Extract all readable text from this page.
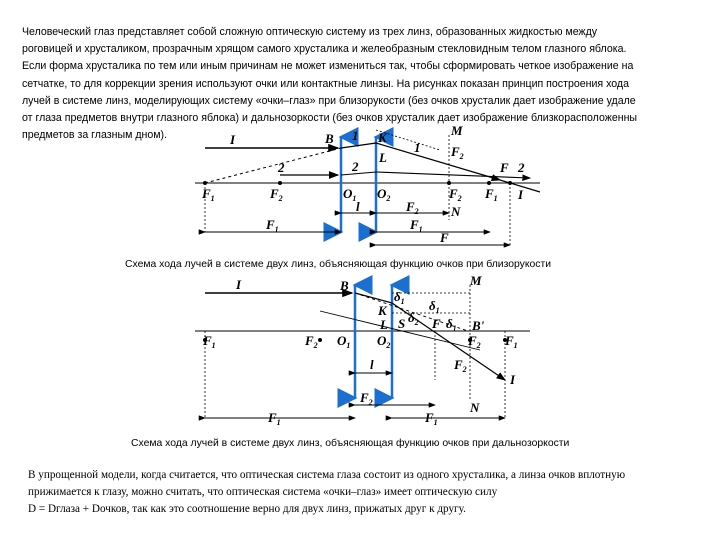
Человеческий глаз представляет собой сложную оптическую систему из трех линз, образованных жидкостью между
роговицей и хрусталиком, прозрачным хрящом самого хрусталика и желеобразным стекловидным телом глазного яблока.
Если форма хрусталика по тем или иным причинам не может измениться так, чтобы сформировать четкое изображение на
сетчатке, то для коррекции зрения используют очки или контактные линзы. На рисунках показан принцип построения хода
лучей в системе линз, моделирующих систему «очки–глаз» при близорукости (без очков хрусталик дает изображение удале
от глаза предметов внутри глазного яблока) и дальнозоркости (без очков хрусталик дает изображение близкорасположенны
предметов за глазным дном).	I	B 1 K	M
1 $F_2$
L
2	2	F 2
I
$F_1$	$F_2$	$O_1$ $O_2$	$F_2$ $F_1$
l	$F_2$ N
$F_1$	$F_1$
F
Схема хода лучей в системе двух линз, объясняющая функцию очков при близорукости
I	B	M
$\delta_1$
K	$\delta_1$
$\delta_2$
S F $\delta_1$ B'
L
$F_1$	$F_2$ $O_1$ $O_2$	$F_2$ $F_1$
$F_2$
l
I
$F_2$	N
$F_1$	$F_1$
Схема хода лучей в системе двух линз, объясняющая функцию очков при дальнозоркости
В упрощенной модели, когда считается, что оптическая система глаза состоит из одного хрусталика, а линза очков вплотную
прижимается к глазу, можно считать, что оптическая система «очки–глаз» имеет оптическую силу
D = Dглаза + Dочков, так как это соотношение верно для двух линз, прижатых друг к другу.
